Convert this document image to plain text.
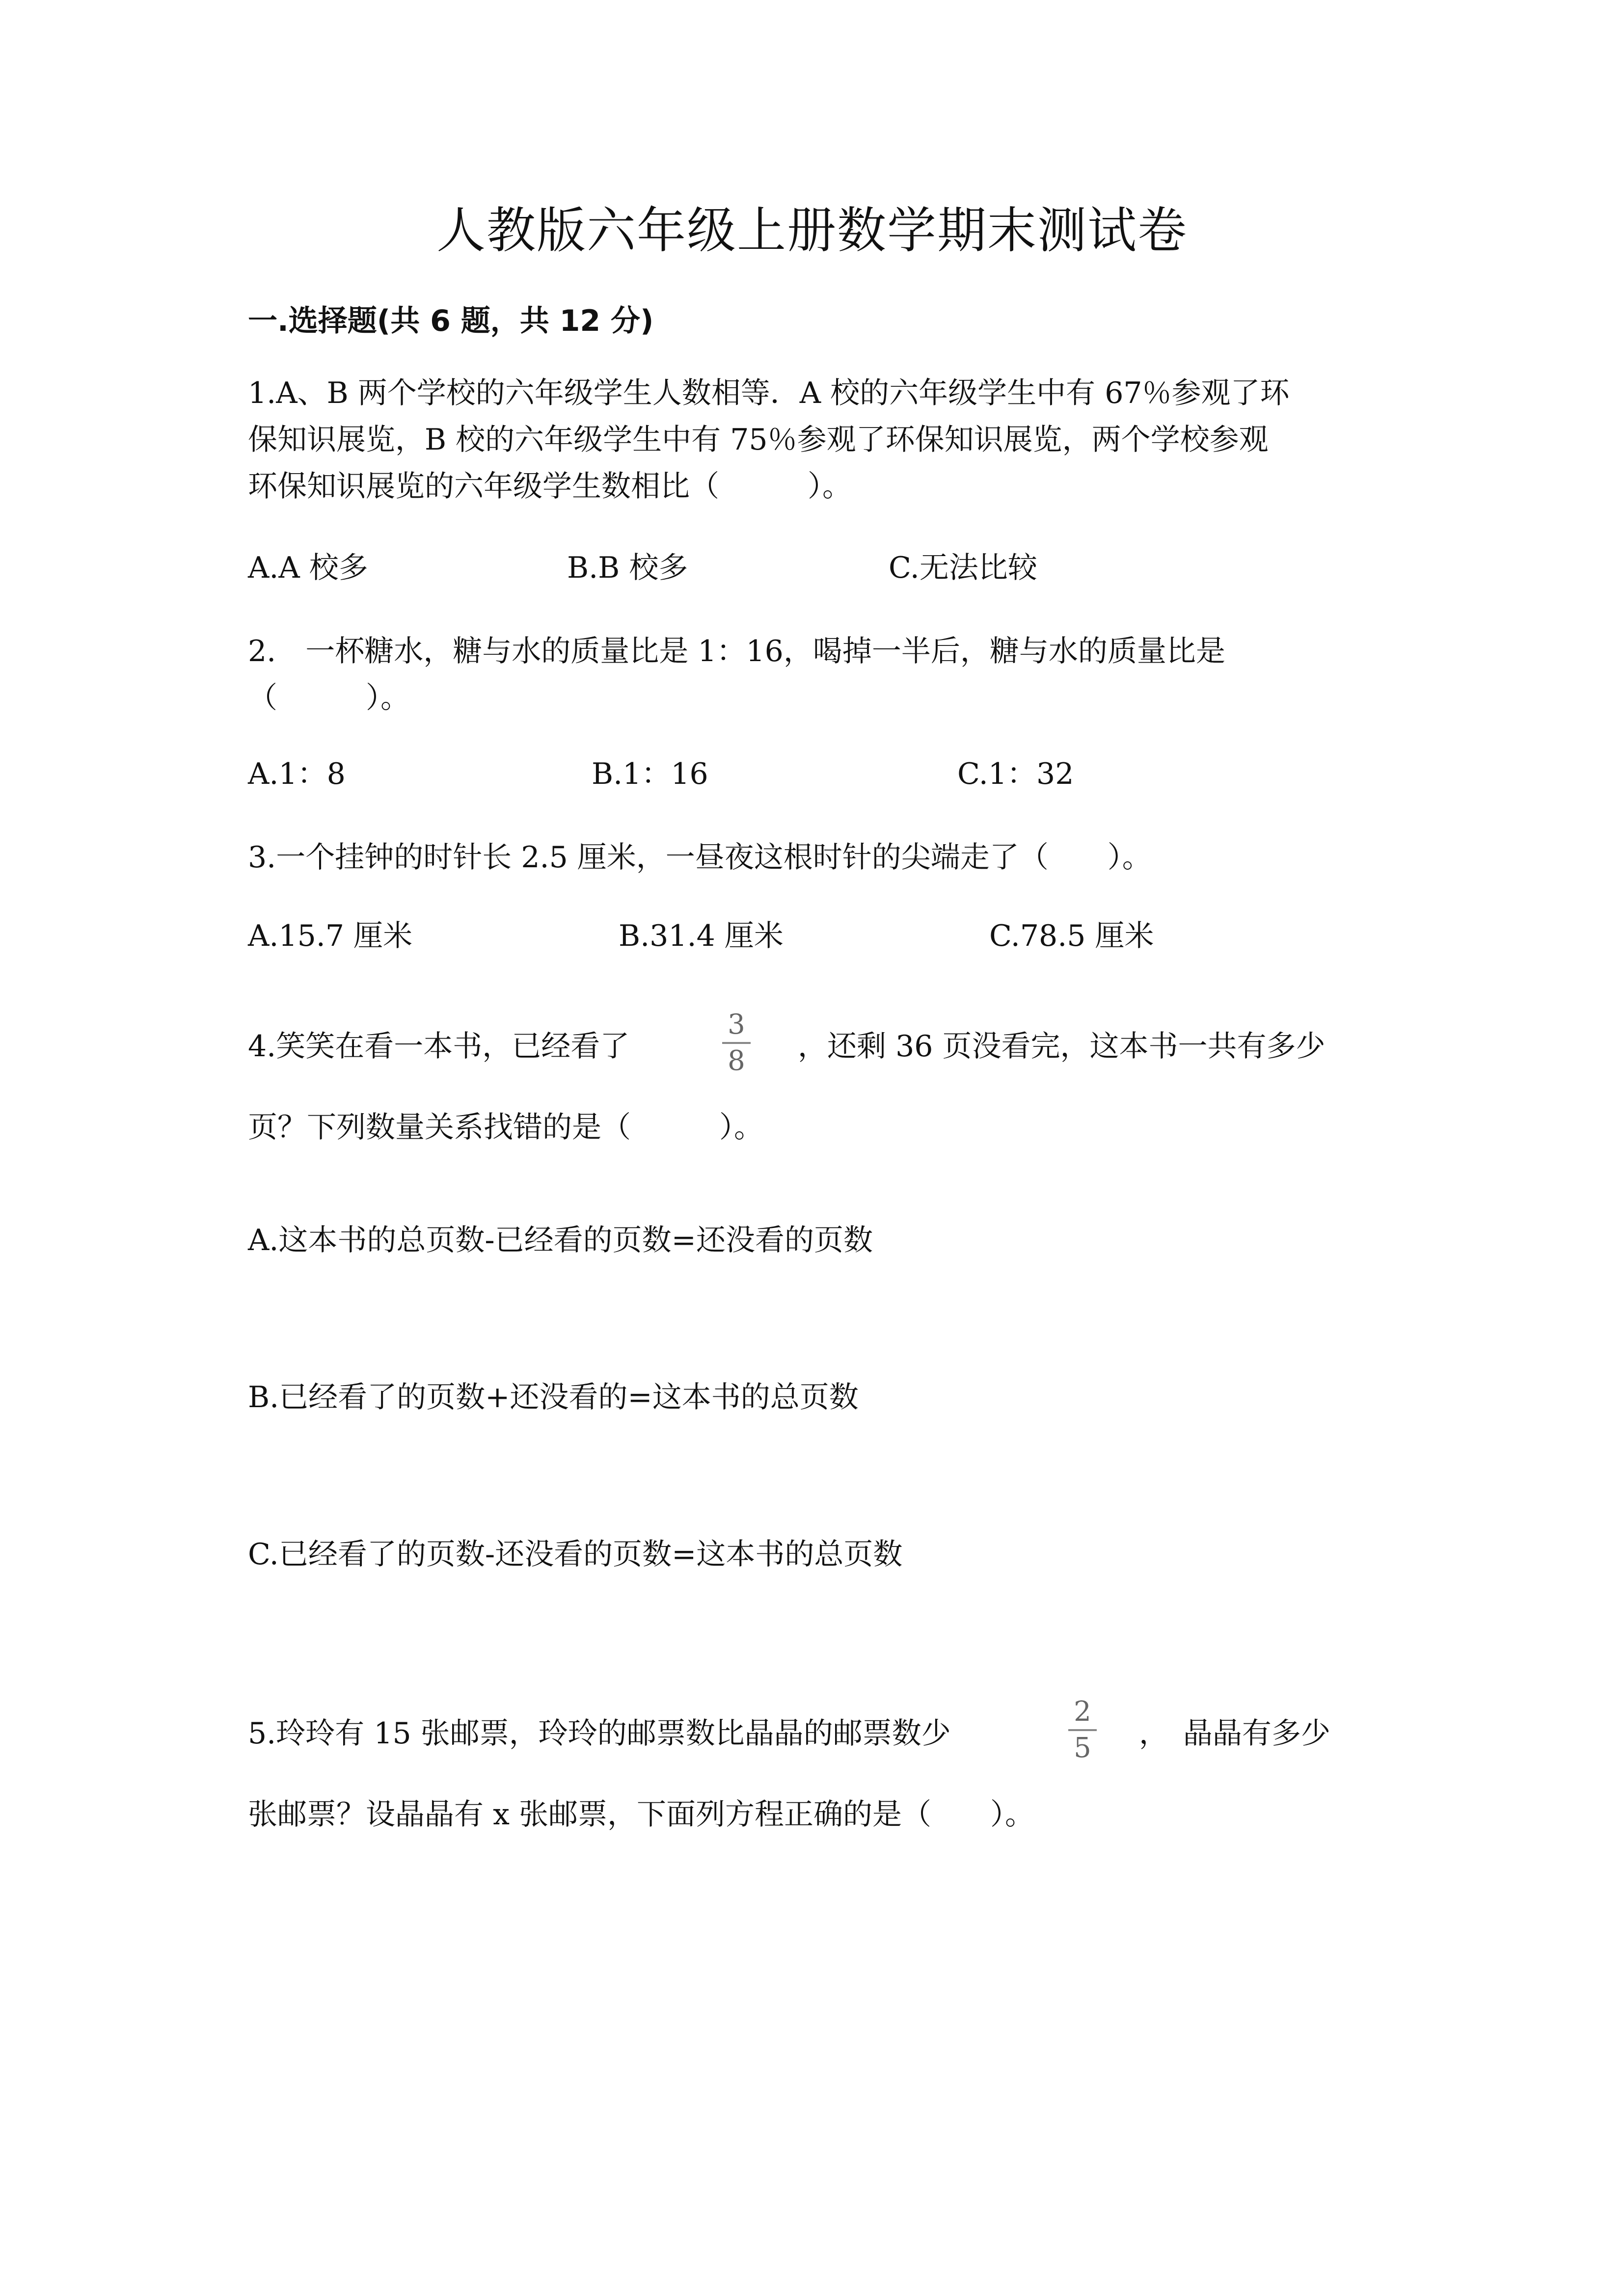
人教版六年级上册数学期末测试卷
一.选择题(共 6 题，共 12 分)
1.A、B 两个学校的六年级学生人数相等．A 校的六年级学生中有 67％参观了环
保知识展览，B 校的六年级学生中有 75％参观了环保知识展览，两个学校参观
环保知识展览的六年级学生数相比（　　　）。
A.A 校多	B.B 校多	C.无法比较
2.　一杯糖水，糖与水的质量比是 1：16，喝掉一半后，糖与水的质量比是
（　　　）。
A.1：8	B.1：16	C.1：32
3.一个挂钟的时针长 2.5 厘米，一昼夜这根时针的尖端走了（　　）。
A.15.7 厘米	B.31.4 厘米	C.78.5 厘米
4.笑笑在看一本书，已经看了
3
8 ，还剩 36 页没看完，这本书一共有多少
页？下列数量关系找错的是（　　　）。
A.这本书的总页数-已经看的页数=还没看的页数
B.已经看了的页数+还没看的=这本书的总页数
C.已经看了的页数-还没看的页数=这本书的总页数
5.玲玲有 15 张邮票，玲玲的邮票数比晶晶的邮票数少
2
5 ，　晶晶有多少
张邮票？设晶晶有 x 张邮票，下面列方程正确的是（　　）。
